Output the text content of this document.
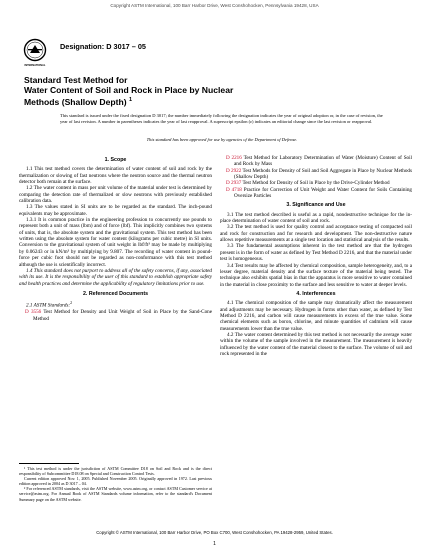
Copyright ASTM International, 100 Barr Harbor Drive, West Conshohocken, Pennsylvania 19428, USA
INTERNATIONAL
Designation: D 3017 – 05
Standard Test Method for
Water Content of Soil and Rock in Place by Nuclear
Methods (Shallow Depth) $^1$
This standard is issued under the fixed designation D 3017; the number immediately following the designation indicates the year of original adoption or, in the case of revision, the year of last revision. A number in parentheses indicates the year of last reapproval. A superscript epsilon (ε) indicates an editorial change since the last revision or reapproval.
This standard has been approved for use by agencies of the Department of Defense.
1. Scope

1.1 This test method covers the determination of water content of soil and rock by the thermalization or slowing of fast neutrons where the neutron source and the thermal neutron detector both remain at the surface.

1.2 The water content in mass per unit volume of the material under test is determined by comparing the detection rate of thermalized or slow neutrons with previously established calibration data.

1.3 The values stated in SI units are to be regarded as the standard. The inch-pound equivalents may be approximate.

1.3.1 It is common practice in the engineering profession to concurrently use pounds to represent both a unit of mass (lbm) and of force (lbf). This implicitly combines two systems of units, that is, the absolute system and the gravitational system. This test method has been written using the absolute system for water content (kilograms per cubic metre) in SI units. Conversion to the gravitational system of unit weight in lbf/ft³ may be made by multiplying by 0.06243 or in kN/m³ by multiplying by 9.807. The recording of water content in pound-force per cubic foot should not be regarded as non-conformance with this test method although the use is scientifically incorrect.

1.4 This standard does not purport to address all of the safety concerns, if any, associated with its use. It is the responsibility of the user of this standard to establish appropriate safety and health practices and determine the applicability of regulatory limitations prior to use.

2. Referenced Documents

2.1 ASTM Standards:$^2$

D 3556 Test Method for Density and Unit Weight of Soil in Place by the Sand-Cone Method
D 2216 Test Method for Laboratory Determination of Water (Moisture) Content of Soil and Rock by Mass
D 2922 Test Methods for Density of Soil and Soil Aggregate in Place by Nuclear Methods (Shallow Depth)
D 2937 Test Method for Density of Soil in Place by the Drive-Cylinder Method
D 4718 Practice for Correction of Unit Weight and Water Content for Soils Containing Oversize Particles
3. Significance and Use

3.1 The test method described is useful as a rapid, nondestructive technique for the in-place determination of water content of soil and rock.

3.2 The test method is used for quality control and acceptance testing of compacted soil and rock for construction and for research and development. The non-destructive nature allows repetitive measurements at a single test location and statistical analysis of the results.

3.3 The fundamental assumptions inherent in the test method are that the hydrogen present is in the form of water as defined by Test Method D 2216, and that the material under test is homogeneous.

3.4 Test results may be affected by chemical composition, sample heterogeneity, and, to a lesser degree, material density and the surface texture of the material being tested. The technique also exhibits spatial bias in that the apparatus is more sensitive to water contained in the material in close proximity to the surface and less sensitive to water at deeper levels.

4. Interferences

4.1 The chemical composition of the sample may dramatically affect the measurement and adjustments may be necessary. Hydrogen in forms other than water, as defined by Test Method D 2216, and carbon will cause measurements in excess of the true value. Some chemical elements such as boron, chlorine, and minute quantities of cadmium will cause measurements lower than the true value.

4.2 The water content determined by this test method is not necessarily the average water within the volume of the sample involved in the measurement. The measurement is heavily influenced by the water content of the material closest to the surface. The volume of soil and rock represented in the

¹ This test method is under the jurisdiction of ASTM Committee D18 on Soil and Rock and is the direct responsibility of Subcommittee D18.08 on Special and Construction Control Tests.

Current edition approved Nov. 1, 2005. Published November 2005. Originally approved in 1972. Last previous edition approved in 2004 as D 3017 – 04.

² For referenced ASTM standards, visit the ASTM website, www.astm.org, or contact ASTM Customer service at service@astm.org. For Annual Book of ASTM Standards volume information, refer to the standard's Document Summary page on the ASTM website.

Copyright © ASTM International, 100 Barr Harbor Drive, PO Box C700, West Conshohocken, PA 19428-2959, United States.
1
